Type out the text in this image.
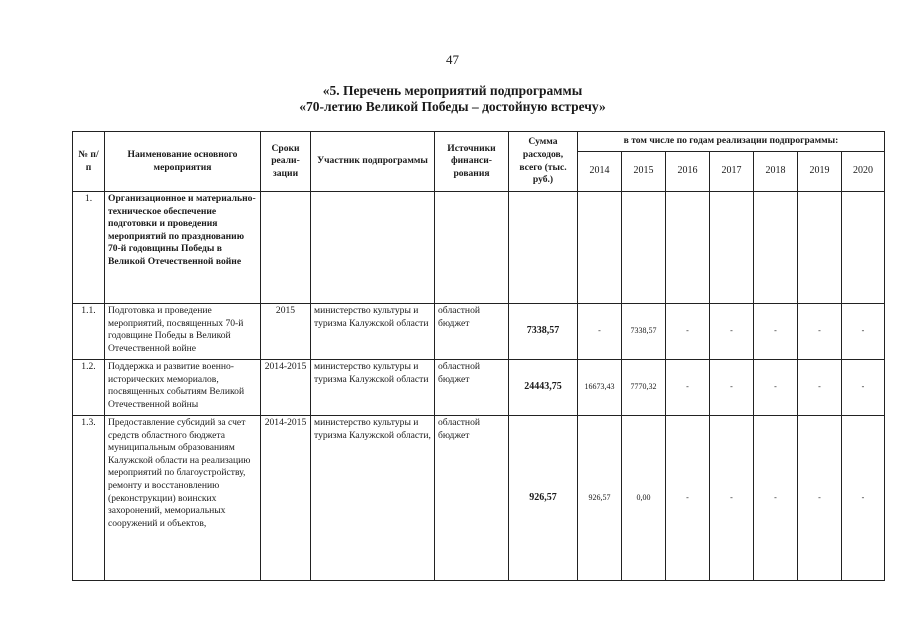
47
«5. Перечень мероприятий подпрограммы
«70-летию Великой Победы – достойную встречу»
№ п/п	Наименование основного мероприятия	Сроки реали-зации	Участник подпрограммы	Источники финанси-рования	Сумма расходов, всего (тыс. руб.)	в том числе по годам реализации подпрограммы:						
						2014	2015	2016	2017	2018	2019	2020
1.	Организационное и материально-техническое обеспечение подготовки и проведения мероприятий по празднованию 70-й годовщины Победы в Великой Отечественной войне											
1.1.	Подготовка и проведение мероприятий, посвященных 70-й годовщине Победы в Великой Отечественной войне	2015	министерство культуры и туризма Калужской области	областной бюджет	7338,57	-	7338,57	-	-	-	-	-
1.2.	Поддержка и развитие военно-исторических мемориалов, посвященных событиям Великой Отечественной войны	2014-2015	министерство культуры и туризма Калужской области	областной бюджет	24443,75	16673,43	7770,32	-	-	-	-	-
1.3.	Предоставление субсидий за счет средств областного бюджета муниципальным образованиям Калужской области на реализацию мероприятий по благоустройству, ремонту и восстановлению (реконструкции) воинских захоронений, мемориальных сооружений и объектов,	2014-2015	министерство культуры и туризма Калужской области,	областной бюджет	926,57	926,57	0,00	-	-	-	-	-
